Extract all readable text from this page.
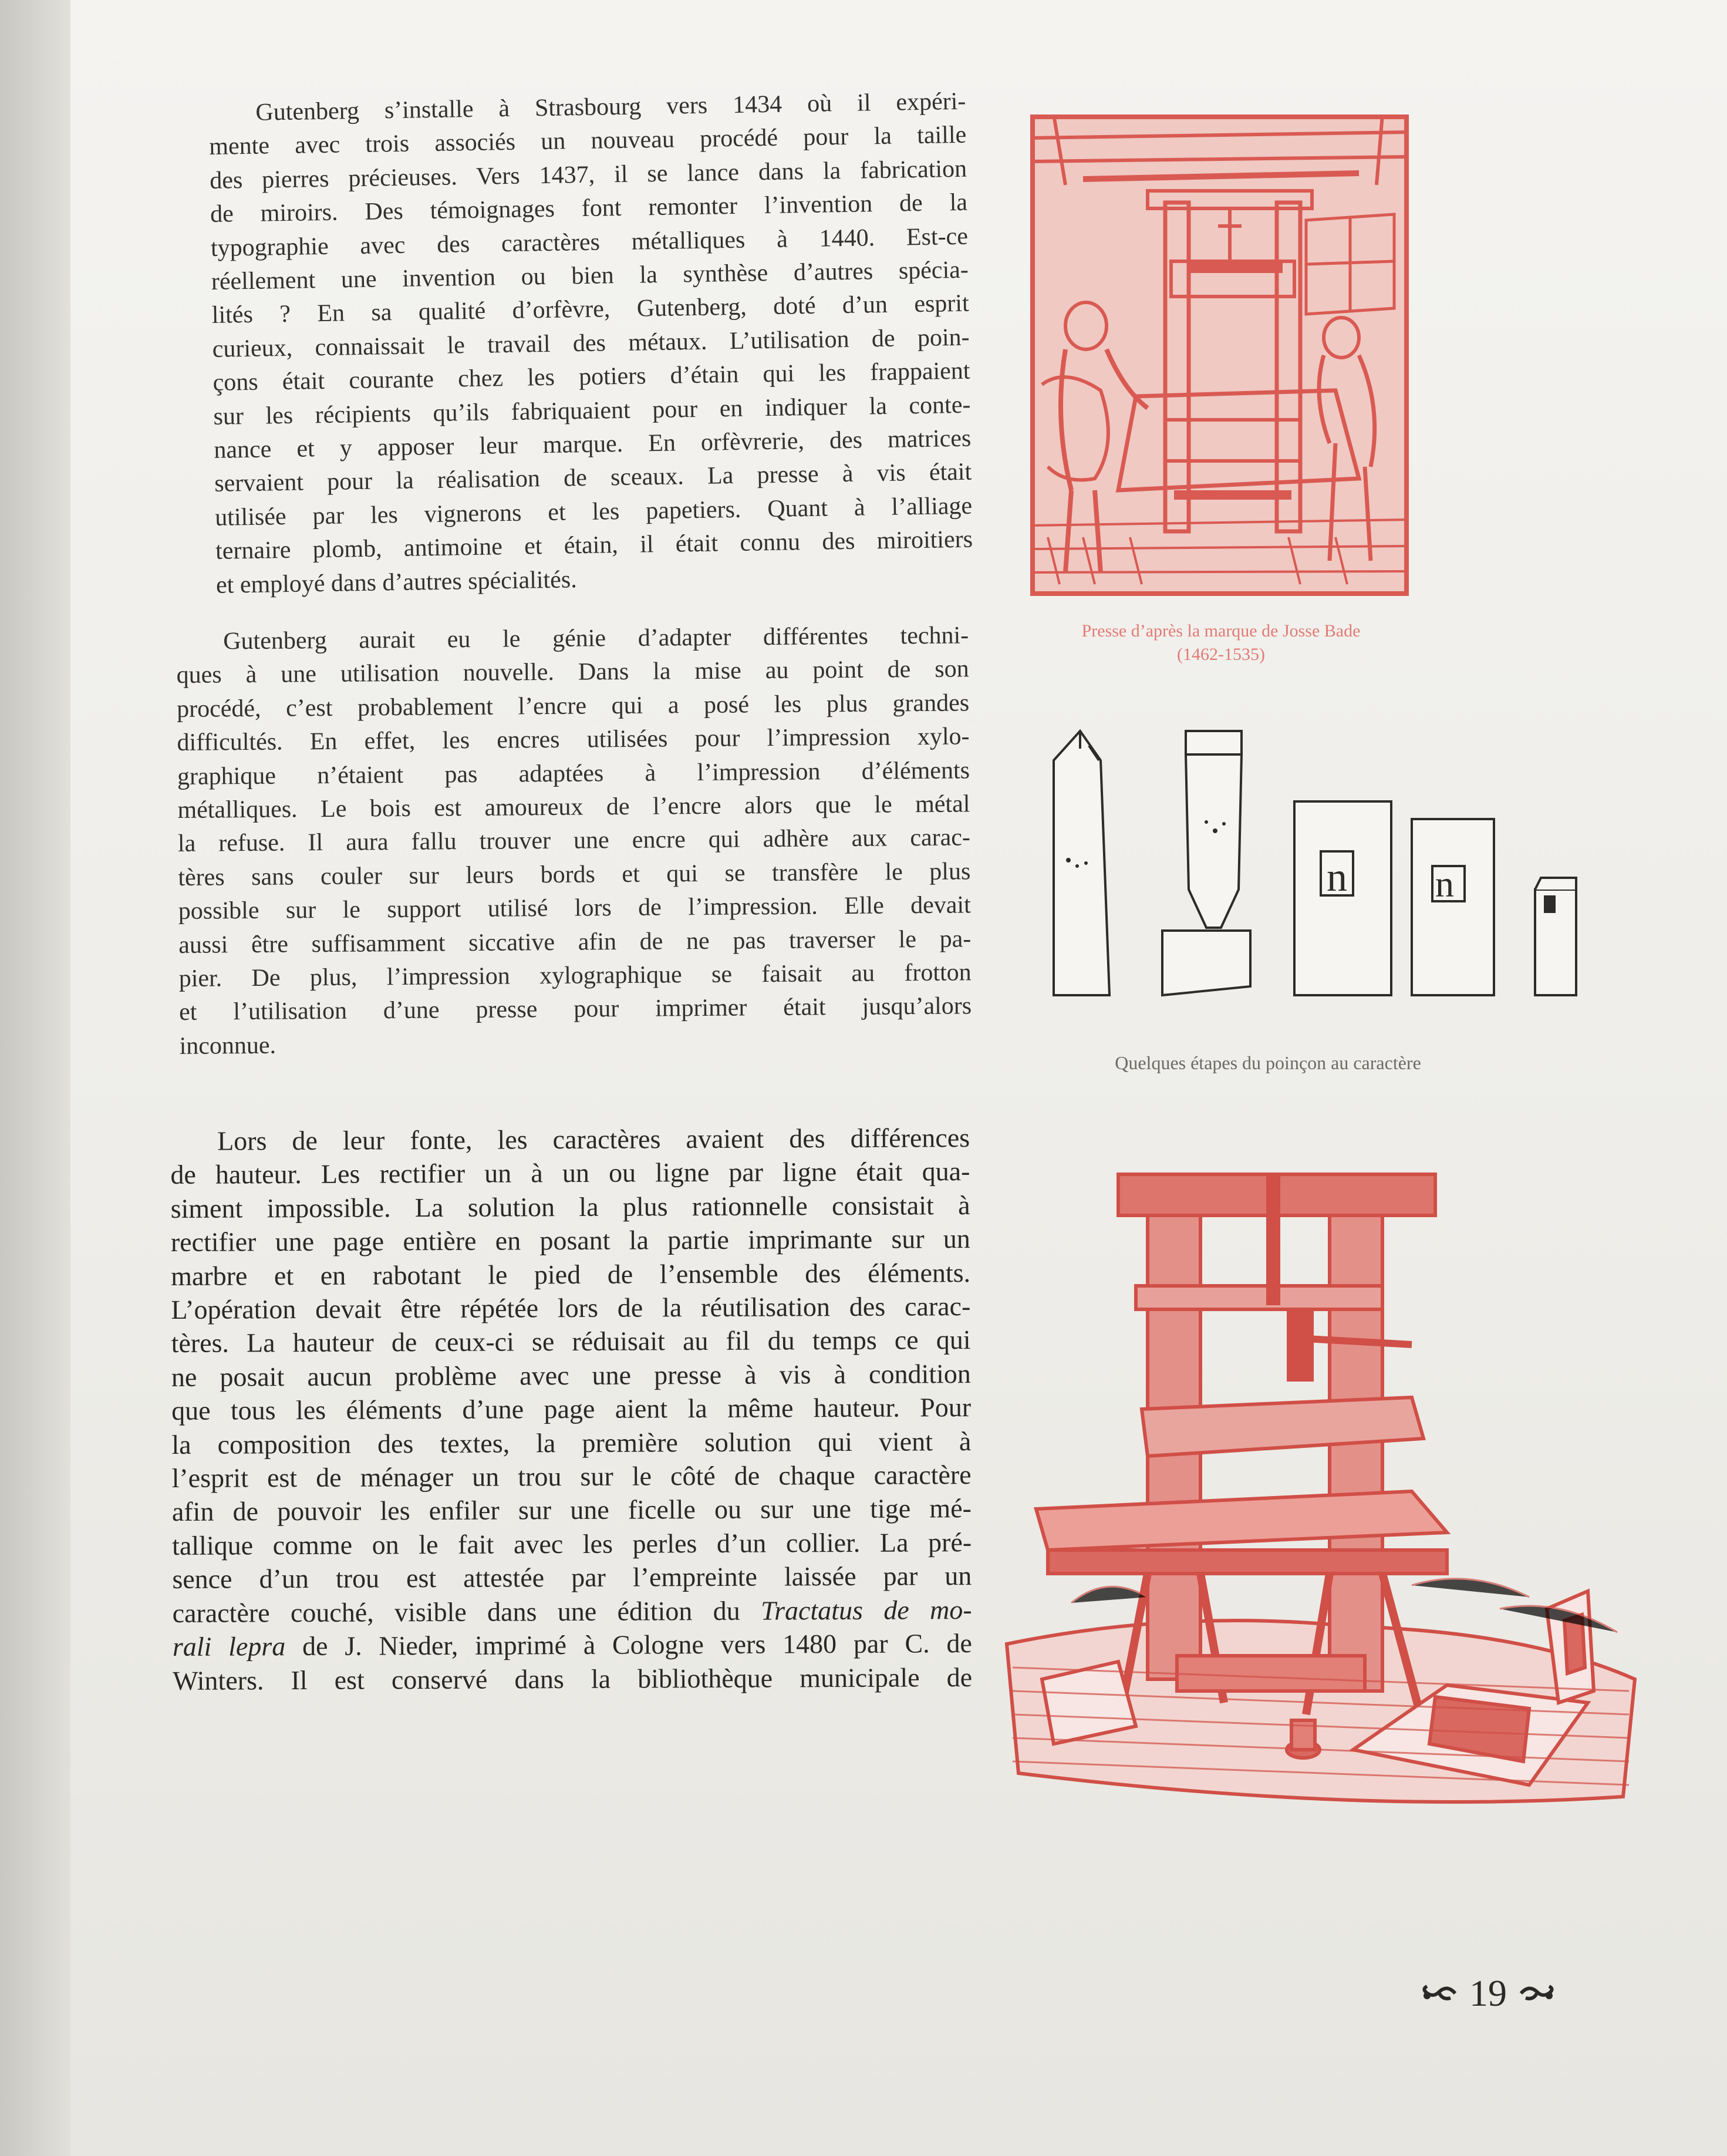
Gutenberg s’installe à Strasbourg vers 1434 où il expéri-
mente avec trois associés un nouveau procédé pour la taille
des pierres précieuses. Vers 1437, il se lance dans la fabrication
de miroirs. Des témoignages font remonter l’invention de la
typographie avec des caractères métalliques à 1440. Est-ce
réellement une invention ou bien la synthèse d’autres spécia-
lités ? En sa qualité d’orfèvre, Gutenberg, doté d’un esprit
curieux, connaissait le travail des métaux. L’utilisation de poin-
çons était courante chez les potiers d’étain qui les frappaient
sur les récipients qu’ils fabriquaient pour en indiquer la conte-
nance et y apposer leur marque. En orfèvrerie, des matrices
servaient pour la réalisation de sceaux. La presse à vis était
utilisée par les vignerons et les papetiers. Quant à l’alliage
ternaire plomb, antimoine et étain, il était connu des miroitiers
et employé dans d’autres spécialités.
Gutenberg aurait eu le génie d’adapter différentes techni-
ques à une utilisation nouvelle. Dans la mise au point de son
procédé, c’est probablement l’encre qui a posé les plus grandes
difficultés. En effet, les encres utilisées pour l’impression xylo-
graphique n’étaient pas adaptées à l’impression d’éléments
métalliques. Le bois est amoureux de l’encre alors que le métal
la refuse. Il aura fallu trouver une encre qui adhère aux carac-
tères sans couler sur leurs bords et qui se transfère le plus
possible sur le support utilisé lors de l’impression. Elle devait
aussi être suffisamment siccative afin de ne pas traverser le pa-
pier. De plus, l’impression xylographique se faisait au frotton
et l’utilisation d’une presse pour imprimer était jusqu’alors
inconnue.
Lors de leur fonte, les caractères avaient des différences
de hauteur. Les rectifier un à un ou ligne par ligne était qua-
siment impossible. La solution la plus rationnelle consistait à
rectifier une page entière en posant la partie imprimante sur un
marbre et en rabotant le pied de l’ensemble des éléments.
L’opération devait être répétée lors de la réutilisation des carac-
tères. La hauteur de ceux-ci se réduisait au fil du temps ce qui
ne posait aucun problème avec une presse à vis à condition
que tous les éléments d’une page aient la même hauteur. Pour
la composition des textes, la première solution qui vient à
l’esprit est de ménager un trou sur le côté de chaque caractère
afin de pouvoir les enfiler sur une ficelle ou sur une tige mé-
tallique comme on le fait avec les perles d’un collier. La pré-
sence d’un trou est attestée par l’empreinte laissée par un
caractère couché, visible dans une édition du Tractatus de mo-
rali lepra de J. Nieder, imprimé à Cologne vers 1480 par C. de
Winters. Il est conservé dans la bibliothèque municipale de
Presse d’après la marque de Josse Bade
(1462-1535)
n n
Quelques étapes du poinçon au caractère
19
